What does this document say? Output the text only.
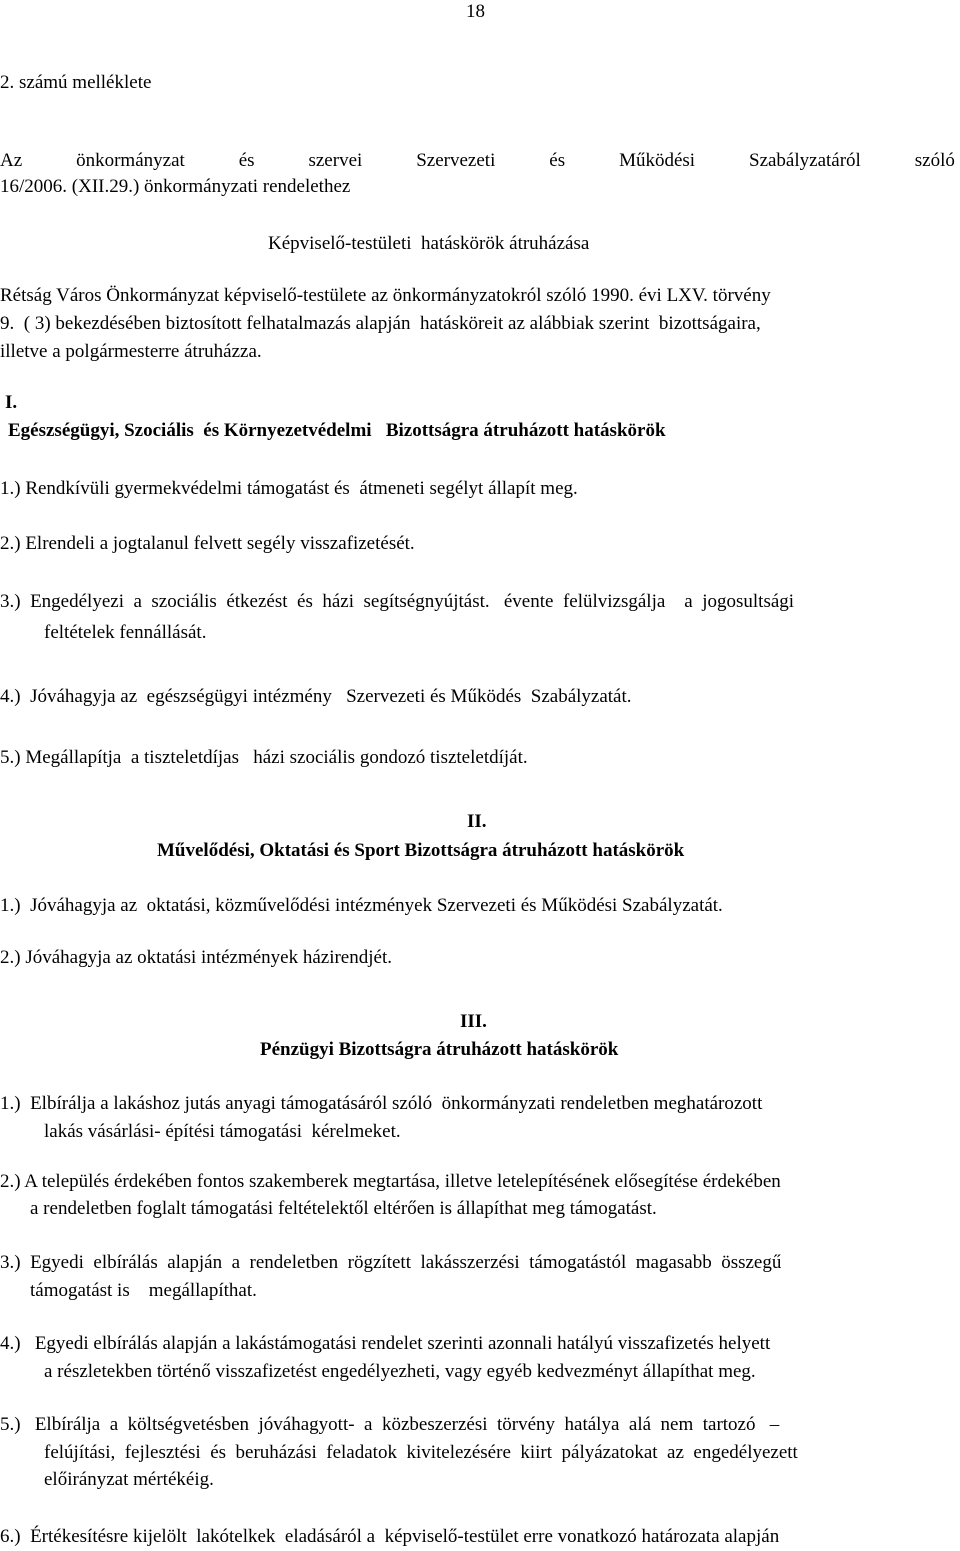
18
2. számú melléklete
Az	önkormányzat	és	szervei	Szervezeti	és	Működési	Szabályzatáról	szóló
16/2006. (XII.29.) önkormányzati rendelethez
Képviselő-testületi  hatáskörök átruházása
Rétság Város Önkormányzat képviselő-testülete az önkormányzatokról szóló 1990. évi LXV. törvény
9.  ( 3) bekezdésében biztosított felhatalmazás alapján  hatásköreit az alábbiak szerint  bizottságaira,
illetve a polgármesterre átruházza.
I.
Egészségügyi, Szociális  és Környezetvédelmi   Bizottságra átruházott hatáskörök
1.) Rendkívüli gyermekvédelmi támogatást és  átmeneti segélyt állapít meg.
2.) Elrendeli a jogtalanul felvett segély visszafizetését.
3.)  Engedélyezi  a  szociális  étkezést  és  házi  segítségnyújtást.   évente  felülvizsgálja    a  jogosultsági
feltételek fennállását.
4.)  Jóváhagyja az  egészségügyi intézmény   Szervezeti és Működés  Szabályzatát.
5.) Megállapítja  a tiszteletdíjas   házi szociális gondozó tiszteletdíját.
II.
Művelődési, Oktatási és Sport Bizottságra átruházott hatáskörök
1.)  Jóváhagyja az  oktatási, közművelődési intézmények Szervezeti és Működési Szabályzatát.
2.) Jóváhagyja az oktatási intézmények házirendjét.
III.
Pénzügyi Bizottságra átruházott hatáskörök
1.)  Elbírálja a lakáshoz jutás anyagi támogatásáról szóló  önkormányzati rendeletben meghatározott
lakás vásárlási- építési támogatási  kérelmeket.
2.) A település érdekében fontos szakemberek megtartása, illetve letelepítésének elősegítése érdekében
a rendeletben foglalt támogatási feltételektől eltérően is állapíthat meg támogatást.
3.)  Egyedi  elbírálás  alapján  a  rendeletben  rögzített  lakásszerzési  támogatástól  magasabb  összegű
támogatást is    megállapíthat.
4.)   Egyedi elbírálás alapján a lakástámogatási rendelet szerinti azonnali hatályú visszafizetés helyett
a részletekben történő visszafizetést engedélyezheti, vagy egyéb kedvezményt állapíthat meg.
5.)   Elbírálja  a  költségvetésben  jóváhagyott-  a  közbeszerzési  törvény  hatálya  alá  nem  tartozó   –
felújítási,  fejlesztési  és  beruházási  feladatok  kivitelezésére  kiirt  pályázatokat  az  engedélyezett
előirányzat mértékéig.
6.)  Értékesítésre kijelölt  lakótelkek  eladásáról a  képviselő-testület erre vonatkozó határozata alapján
